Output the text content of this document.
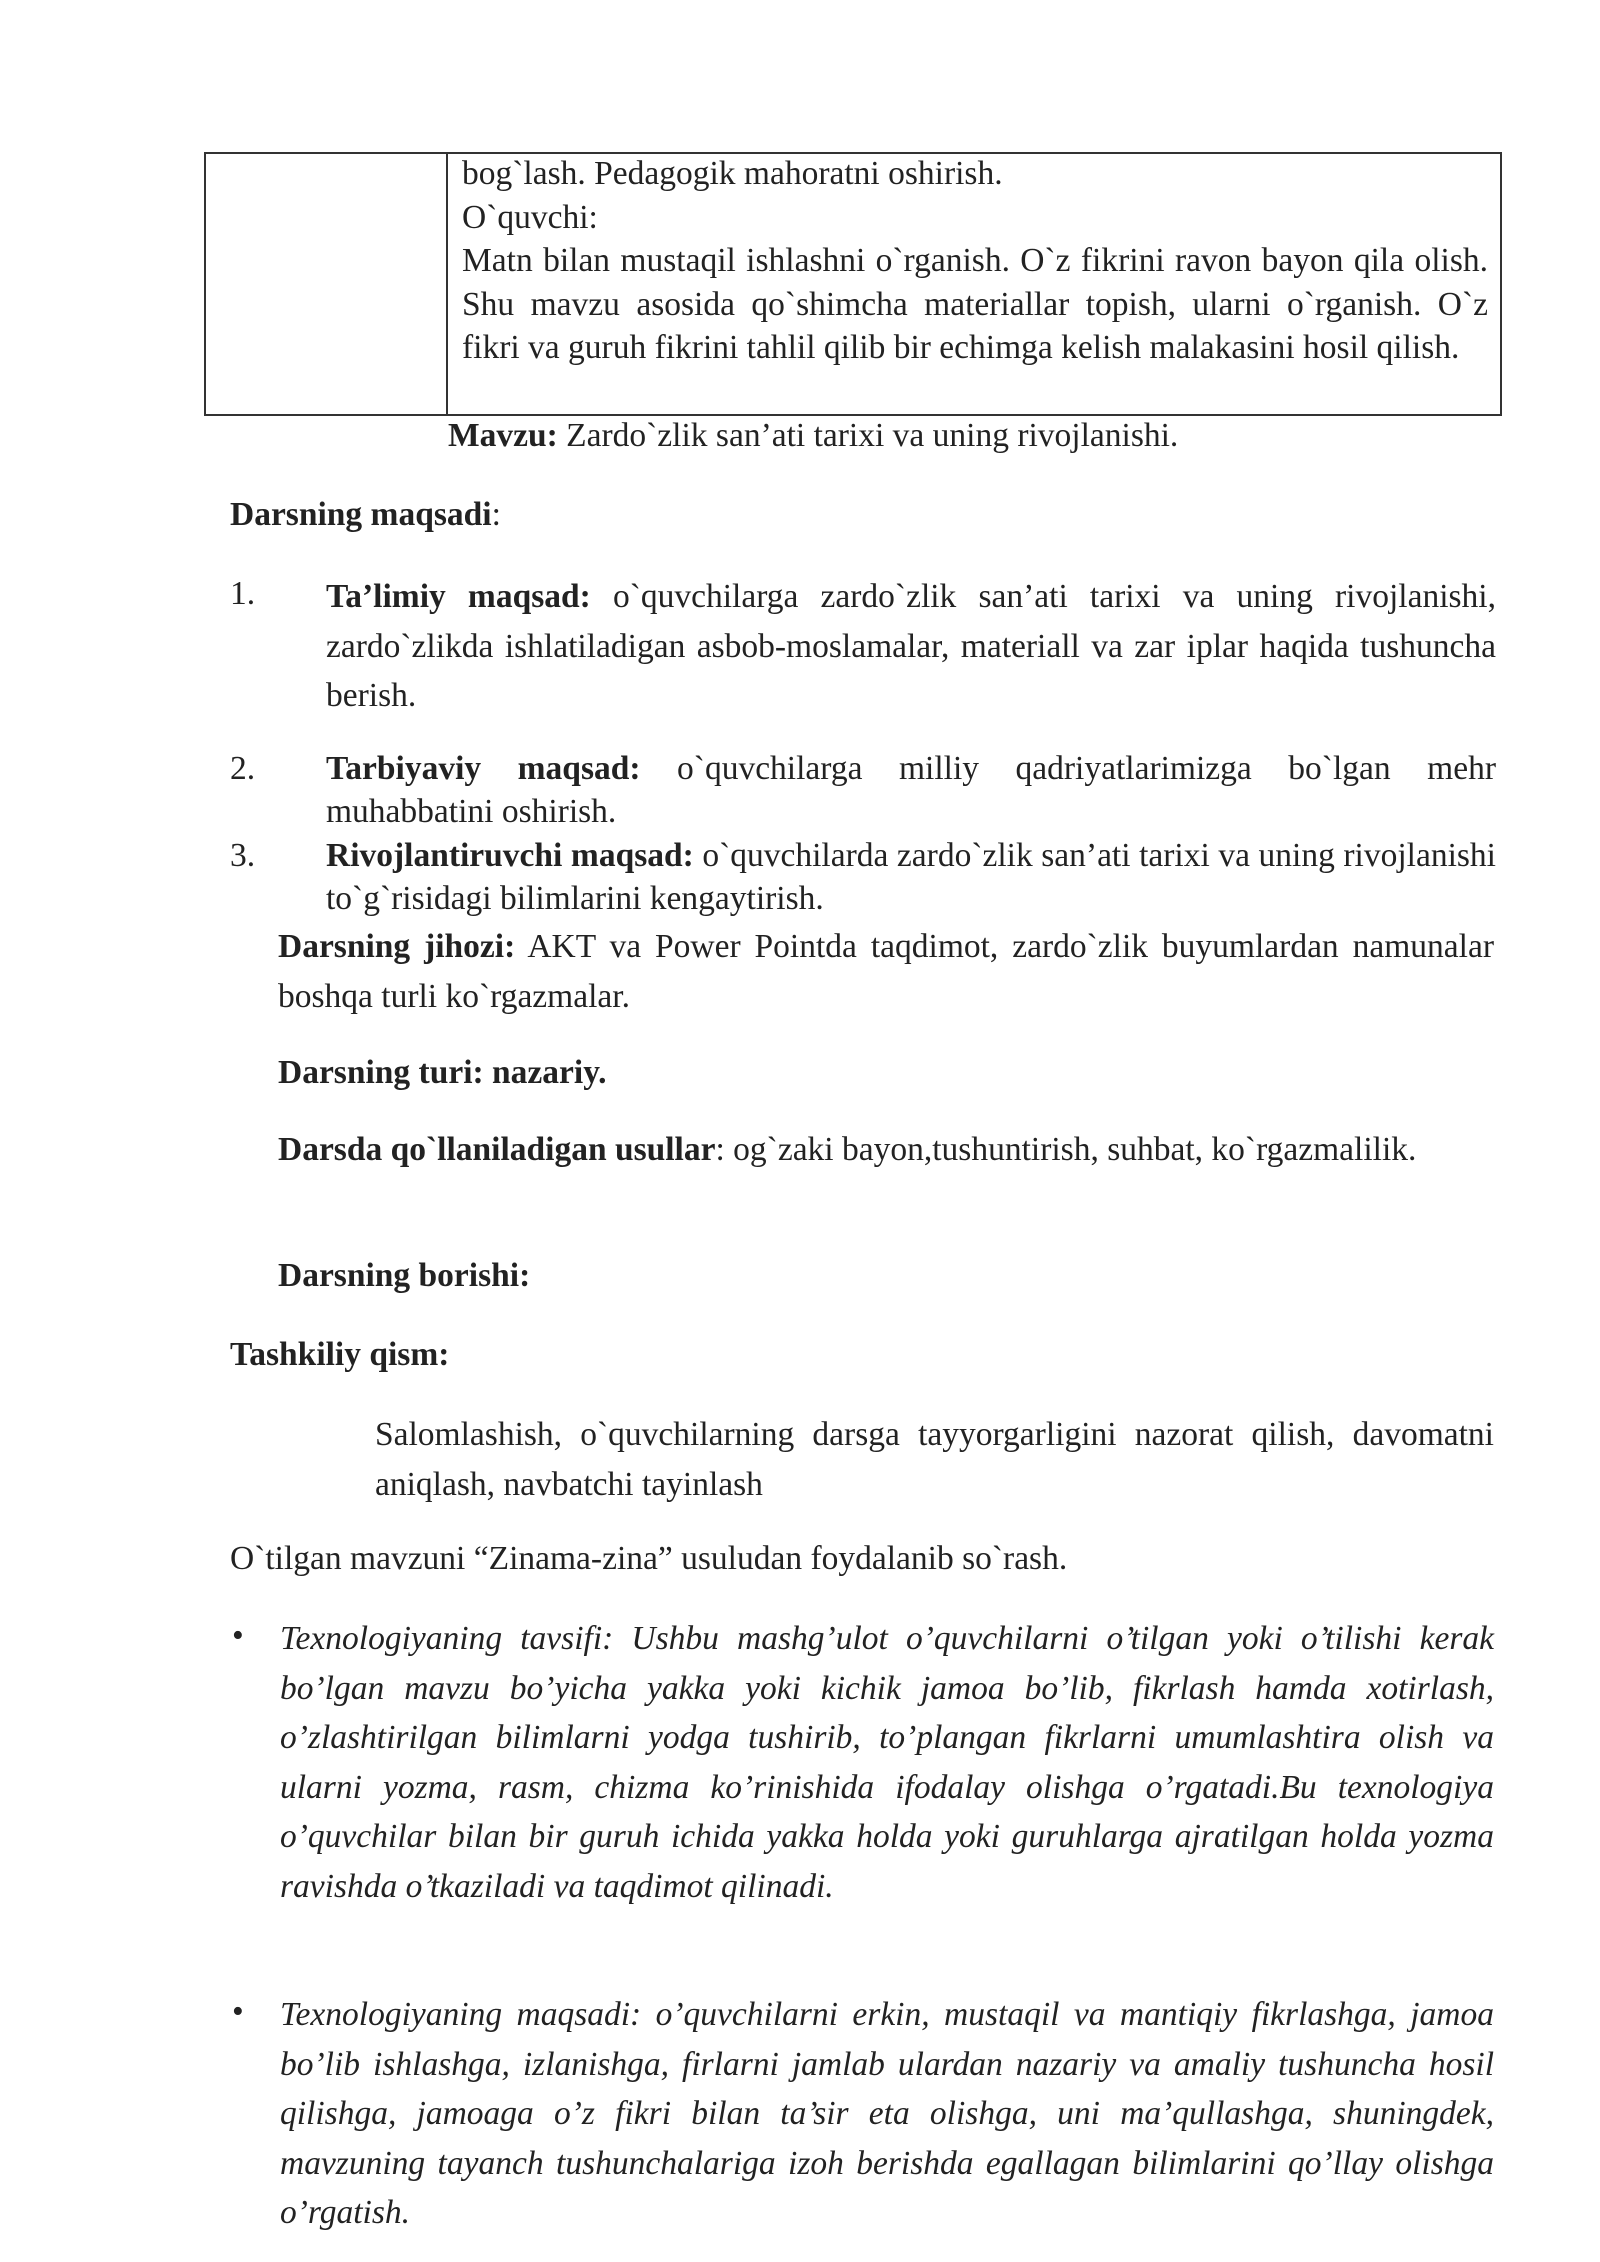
bog`lash. Pedagogik mahoratni oshirish.
O`quvchi:
Matn bilan mustaqil ishlashni o`rganish. O`z fikrini ravon bayon qila olish. Shu mavzu asosida qo`shimcha materiallar topish, ularni o`rganish. O`z fikri va guruh fikrini tahlil qilib bir echimga kelish malakasini hosil qilish.
Mavzu: Zardo`zlik san’ati tarixi va uning rivojlanishi.
Darsning maqsadi:
1. Ta’limiy maqsad: o`quvchilarga zardo`zlik san’ati tarixi va uning rivojlanishi, zardo`zlikda ishlatiladigan asbob-moslamalar, materiall va zar iplar haqida tushuncha berish.
2. Tarbiyaviy maqsad: o`quvchilarga milliy qadriyatlarimizga bo`lgan mehr muhabbatini oshirish.
3. Rivojlantiruvchi maqsad: o`quvchilarda zardo`zlik san’ati tarixi va uning rivojlanishi to`g`risidagi bilimlarini kengaytirish.
Darsning jihozi: AKT va Power Pointda taqdimot, zardo`zlik buyumlardan namunalar boshqa turli ko`rgazmalar.
Darsning turi: nazariy.
Darsda qo`llaniladigan usullar: og`zaki bayon,tushuntirish, suhbat, ko`rgazmalilik.
Darsning borishi:
Tashkiliy qism:
Salomlashish, o`quvchilarning darsga tayyorgarligini nazorat qilish, davomatni aniqlash, navbatchi tayinlash
O`tilgan mavzuni “Zinama-zina” usuludan foydalanib so`rash.
• Texnologiyaning tavsifi: Ushbu mashg’ulot o’quvchilarni o’tilgan yoki o’tilishi kerak bo’lgan mavzu bo’yicha yakka yoki kichik jamoa bo’lib, fikrlash hamda xotirlash, o’zlashtirilgan bilimlarni yodga tushirib, to’plangan fikrlarni umumlashtira olish va ularni yozma, rasm, chizma ko’rinishida ifodalay olishga o’rgatadi.Bu texnologiya o’quvchilar bilan bir guruh ichida yakka holda yoki guruhlarga ajratilgan holda yozma ravishda o’tkaziladi va taqdimot qilinadi.
• Texnologiyaning maqsadi: o’quvchilarni erkin, mustaqil va mantiqiy fikrlashga, jamoa bo’lib ishlashga, izlanishga, firlarni jamlab ulardan nazariy va amaliy tushuncha hosil qilishga, jamoaga o’z fikri bilan ta’sir eta olishga, uni ma’qullashga, shuningdek, mavzuning tayanch tushunchalariga izoh berishda egallagan bilimlarini qo’llay olishga o’rgatish.
